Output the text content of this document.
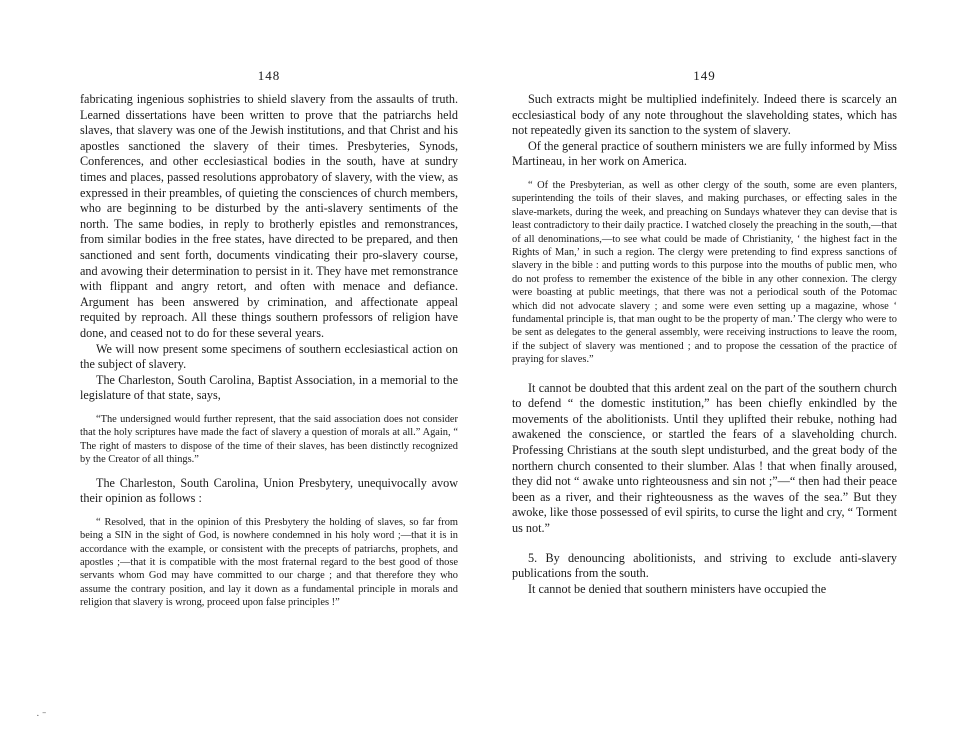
148

fabricating ingenious sophistries to shield slavery from the assaults of truth. Learned dissertations have been written to prove that the patriarchs held slaves, that slavery was one of the Jewish institutions, and that Christ and his apostles sanctioned the slavery of their times. Presbyteries, Synods, Conferences, and other ecclesiastical bodies in the south, have at sundry times and places, passed resolutions approbatory of slavery, with the view, as expressed in their preambles, of quieting the consciences of church members, who are beginning to be disturbed by the anti-slavery sentiments of the north. The same bodies, in reply to brotherly epistles and remonstrances, from similar bodies in the free states, have directed to be prepared, and then sanctioned and sent forth, documents vindicating their pro-slavery course, and avowing their determination to persist in it. They have met remonstrance with flippant and angry retort, and often with menace and defiance. Argument has been answered by crimination, and affectionate appeal requited by reproach. All these things southern professors of religion have done, and ceased not to do for these several years.

We will now present some specimens of southern ecclesiastical action on the subject of slavery.

The Charleston, South Carolina, Baptist Association, in a memorial to the legislature of that state, says,

“The undersigned would further represent, that the said association does not consider that the holy scriptures have made the fact of slavery a question of morals at all.” Again, “ The right of masters to dispose of the time of their slaves, has been distinctly recognized by the Creator of all things.”

The Charleston, South Carolina, Union Presbytery, unequivocally avow their opinion as follows :

“ Resolved, that in the opinion of this Presbytery the holding of slaves, so far from being a SIN in the sight of God, is nowhere condemned in his holy word ;—that it is in accordance with the example, or consistent with the precepts of patriarchs, prophets, and apostles ;—that it is compatible with the most fraternal regard to the best good of those servants whom God may have committed to our charge ; and that therefore they who assume the contrary position, and lay it down as a fundamental principle in morals and religion that slavery is wrong, proceed upon false principles !”

149

Such extracts might be multiplied indefinitely. Indeed there is scarcely an ecclesiastical body of any note throughout the slaveholding states, which has not repeatedly given its sanction to the system of slavery.

Of the general practice of southern ministers we are fully informed by Miss Martineau, in her work on America.

“ Of the Presbyterian, as well as other clergy of the south, some are even planters, superintending the toils of their slaves, and making purchases, or effecting sales in the slave-markets, during the week, and preaching on Sundays whatever they can devise that is least contradictory to their daily practice. I watched closely the preaching in the south,—that of all denominations,—to see what could be made of Christianity, ‘ the highest fact in the Rights of Man,’ in such a region. The clergy were pretending to find express sanctions of slavery in the bible : and putting words to this purpose into the mouths of public men, who do not profess to remember the existence of the bible in any other connexion. The clergy were boasting at public meetings, that there was not a periodical south of the Potomac which did not advocate slavery ; and some were even setting up a magazine, whose ‘ fundamental principle is, that man ought to be the property of man.’ The clergy who were to be sent as delegates to the general assembly, were receiving instructions to leave the room, if the subject of slavery was mentioned ; and to propose the cessation of the practice of praying for slaves.”

It cannot be doubted that this ardent zeal on the part of the southern church to defend “ the domestic institution,” has been chiefly enkindled by the movements of the abolitionists. Until they uplifted their rebuke, nothing had awakened the conscience, or startled the fears of a slaveholding church. Professing Christians at the south slept undisturbed, and the great body of the northern church consented to their slumber. Alas ! that when finally aroused, they did not “ awake unto righteousness and sin not ;”—“ then had their peace been as a river, and their righteousness as the waves of the sea.” But they awoke, like those possessed of evil spirits, to curse the light and cry, “ Torment us not.”

5. By denouncing abolitionists, and striving to exclude anti-slavery publications from the south.

It cannot be denied that southern ministers have occupied the

· ˉ
